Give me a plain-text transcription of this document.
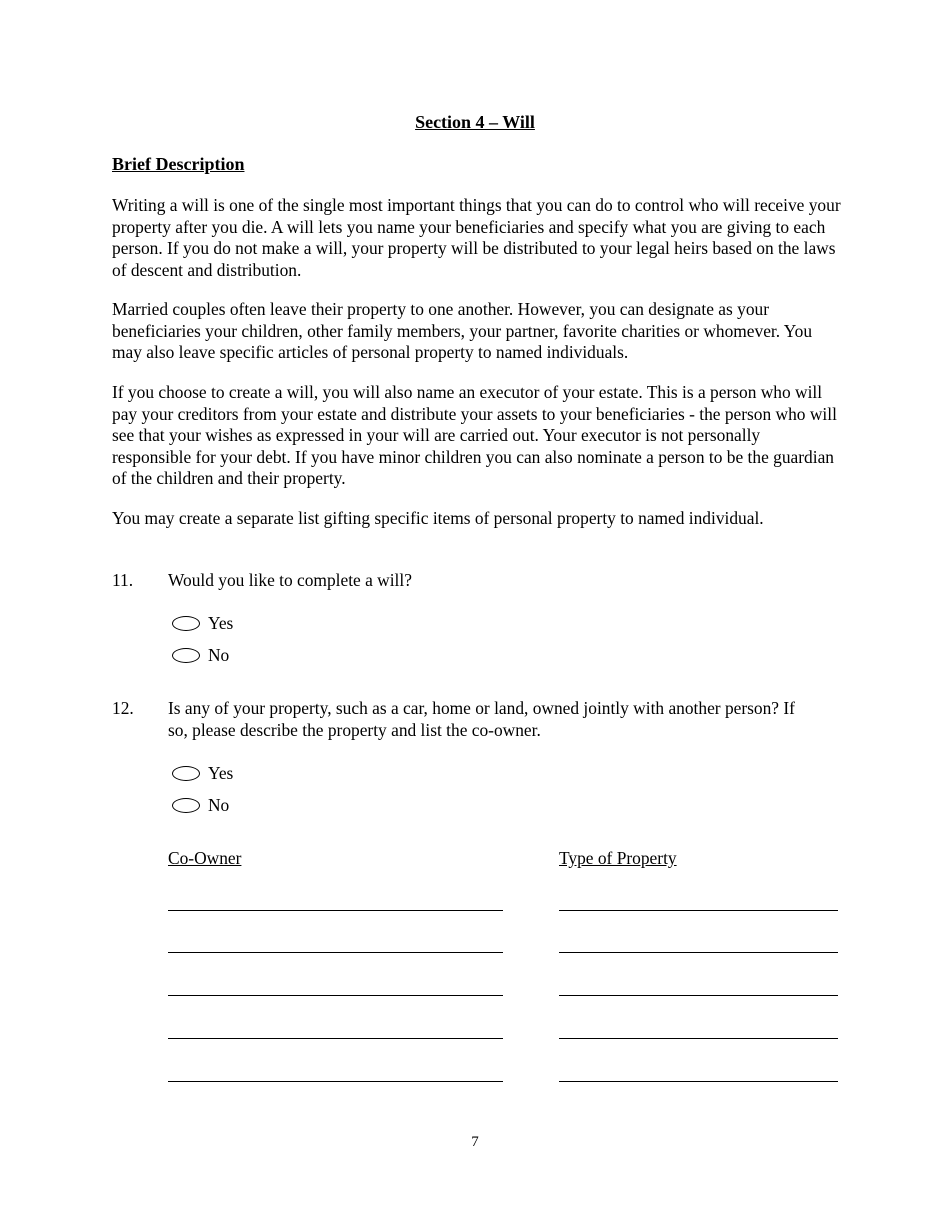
Section 4 – Will
Brief Description

Writing a will is one of the single most important things that you can do to control who will receive your property after you die. A will lets you name your beneficiaries and specify what you are giving to each person. If you do not make a will, your property will be distributed to your legal heirs based on the laws of descent and distribution.

Married couples often leave their property to one another. However, you can designate as your beneficiaries your children, other family members, your partner, favorite charities or whomever. You may also leave specific articles of personal property to named individuals.

If you choose to create a will, you will also name an executor of your estate. This is a person who will pay your creditors from your estate and distribute your assets to your beneficiaries - the person who will see that your wishes as expressed in your will are carried out. Your executor is not personally responsible for your debt. If you have minor children you can also nominate a person to be the guardian of the children and their property.

You may create a separate list gifting specific items of personal property to named individual.

11. Would you like to complete a will?

Yes
No
12. Is any of your property, such as a car, home or land, owned jointly with another person? If so, please describe the property and list the co-owner.

Yes
No
Co-Owner	Type of Property
7
